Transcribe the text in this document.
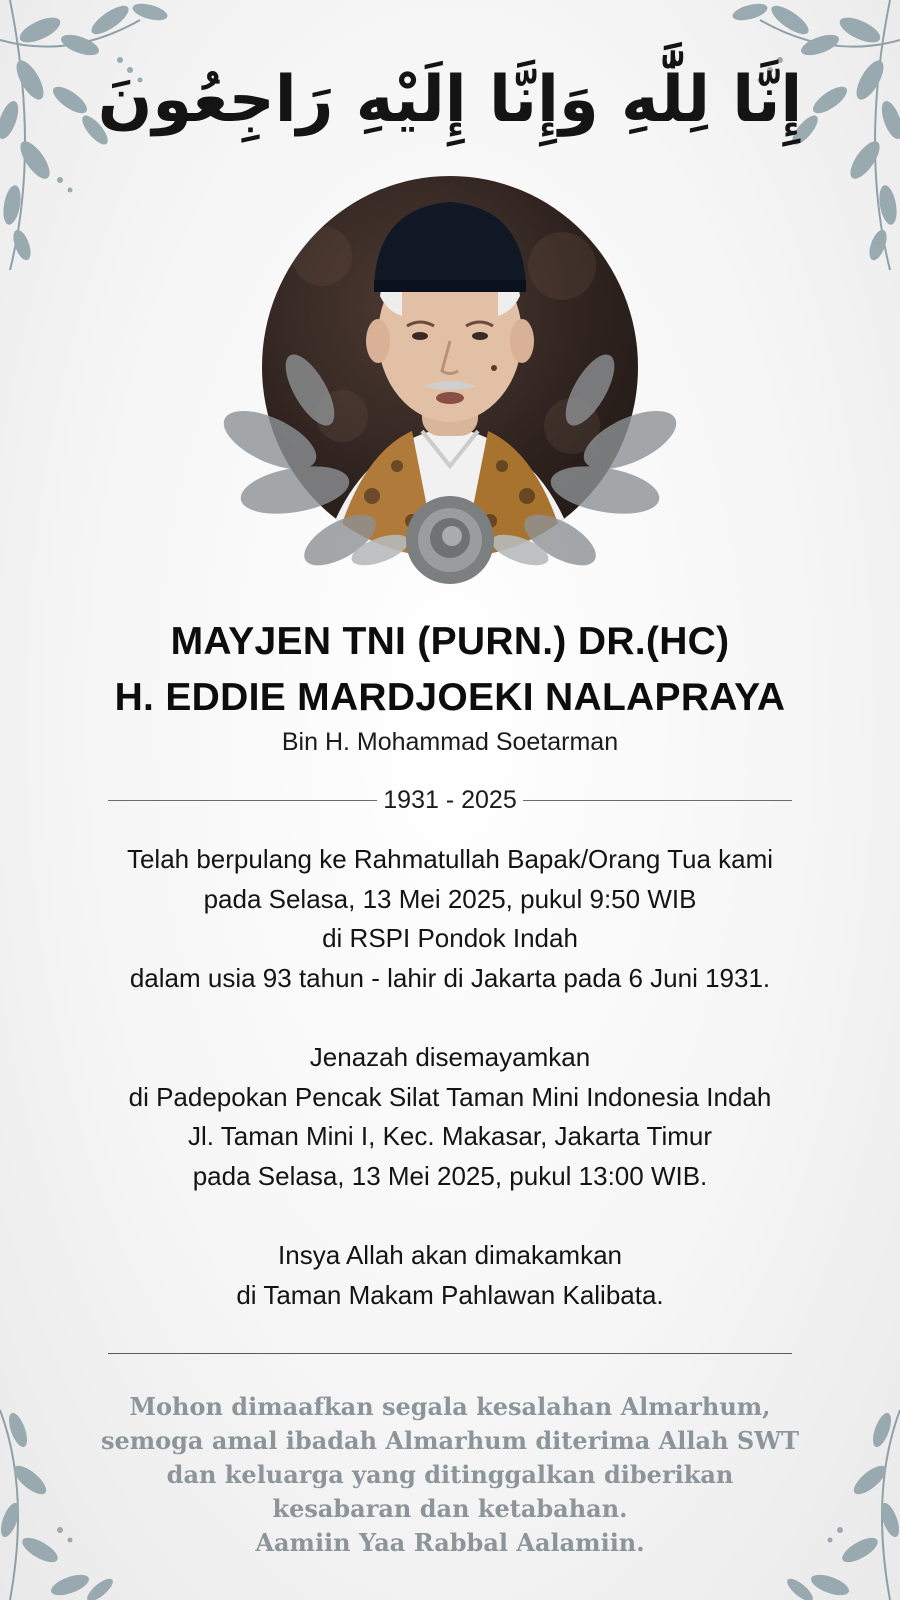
إِنَّا لِلَّٰهِ وَإِنَّا إِلَيْهِ رَاجِعُونَ
MAYJEN TNI (PURN.) DR.(HC)
H. EDDIE MARDJOEKI NALAPRAYA
Bin H. Mohammad Soetarman
1931 - 2025
Telah berpulang ke Rahmatullah Bapak/Orang Tua kami
pada Selasa, 13 Mei 2025, pukul 9:50 WIB
di RSPI Pondok Indah
dalam usia 93 tahun - lahir di Jakarta pada 6 Juni 1931.
Jenazah disemayamkan
di Padepokan Pencak Silat Taman Mini Indonesia Indah
Jl. Taman Mini I, Kec. Makasar, Jakarta Timur
pada Selasa, 13 Mei 2025, pukul 13:00 WIB.
Insya Allah akan dimakamkan
di Taman Makam Pahlawan Kalibata.
Mohon dimaafkan segala kesalahan Almarhum,
semoga amal ibadah Almarhum diterima Allah SWT
dan keluarga yang ditinggalkan diberikan
kesabaran dan ketabahan.
Aamiin Yaa Rabbal Aalamiin.
